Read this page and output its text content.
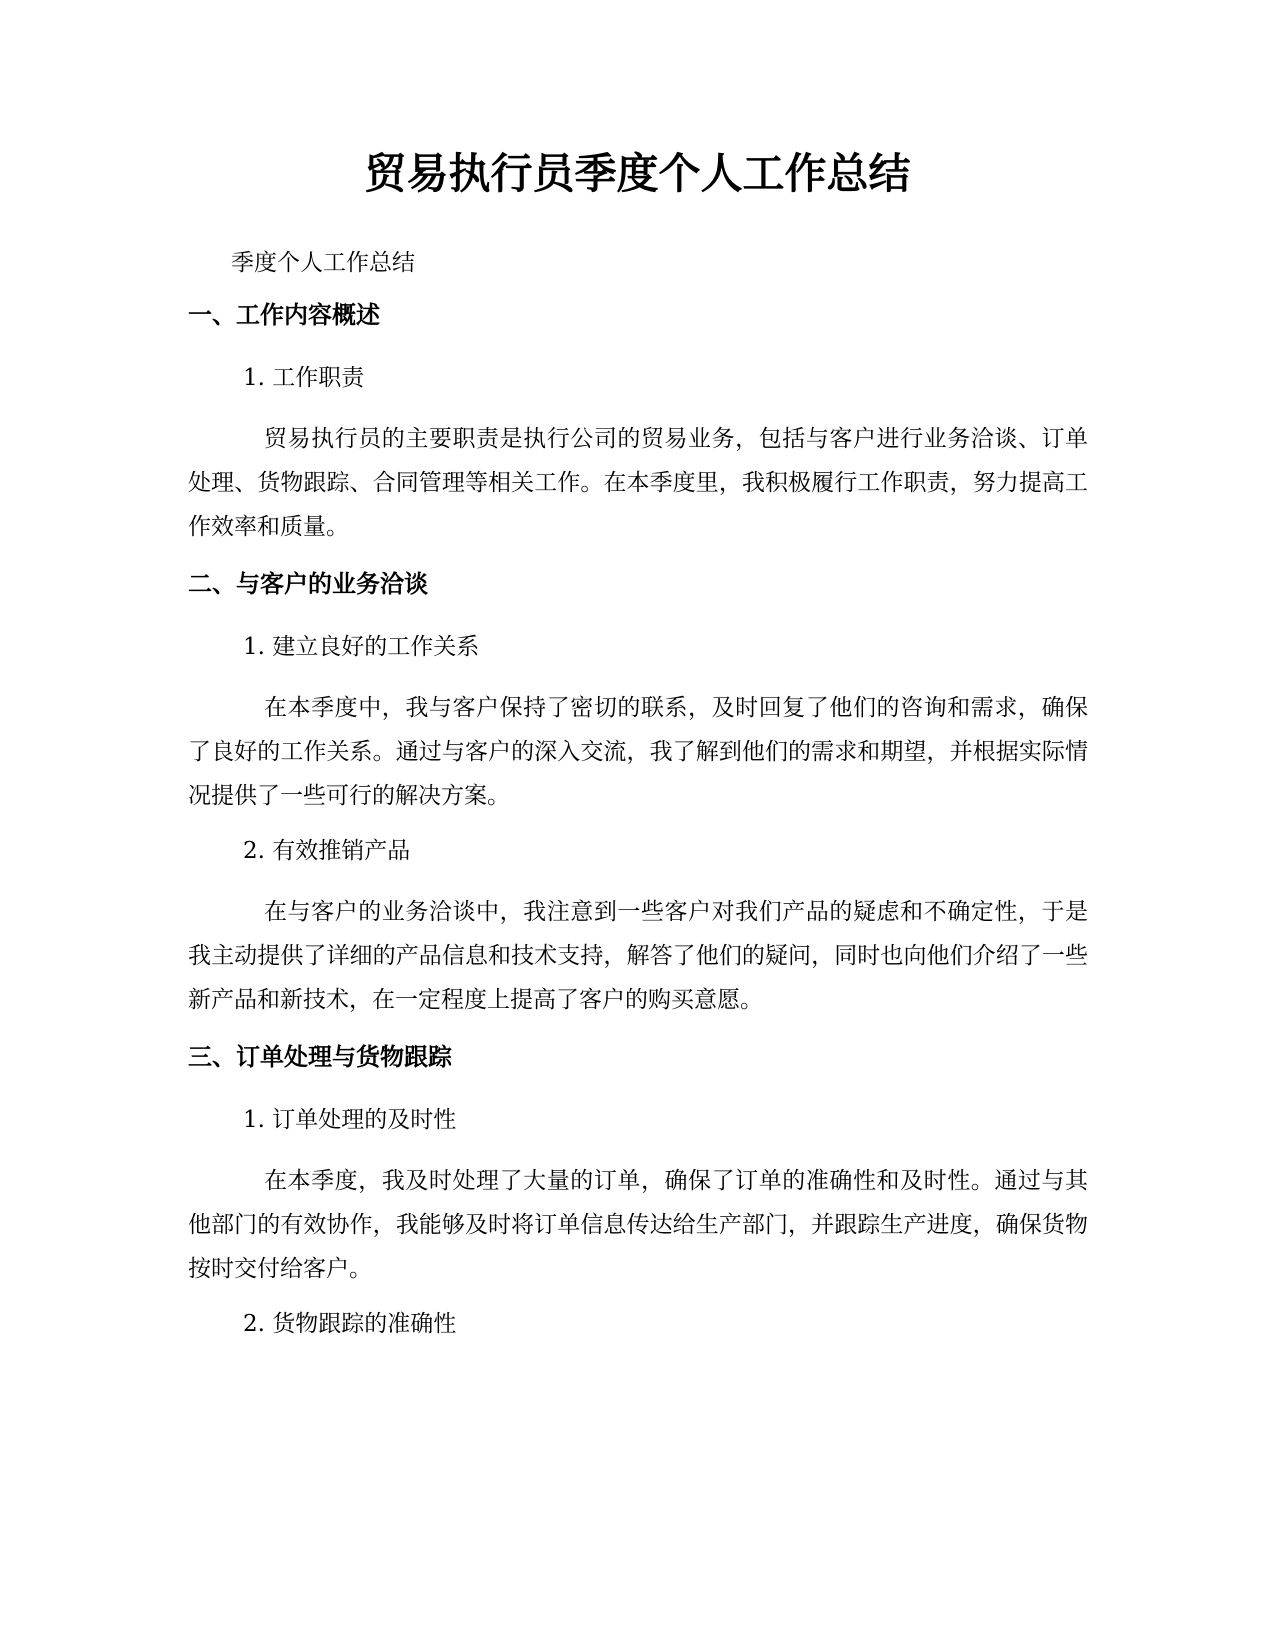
贸易执行员季度个人工作总结

季度个人工作总结

一、工作内容概述

1. 工作职责

贸易执行员的主要职责是执行公司的贸易业务，包括与客户进行业务洽谈、订单处理、货物跟踪、合同管理等相关工作。在本季度里，我积极履行工作职责，努力提高工作效率和质量。

二、与客户的业务洽谈

1. 建立良好的工作关系

在本季度中，我与客户保持了密切的联系，及时回复了他们的咨询和需求，确保了良好的工作关系。通过与客户的深入交流，我了解到他们的需求和期望，并根据实际情况提供了一些可行的解决方案。

2. 有效推销产品

在与客户的业务洽谈中，我注意到一些客户对我们产品的疑虑和不确定性，于是我主动提供了详细的产品信息和技术支持，解答了他们的疑问，同时也向他们介绍了一些新产品和新技术，在一定程度上提高了客户的购买意愿。

三、订单处理与货物跟踪

1. 订单处理的及时性

在本季度，我及时处理了大量的订单，确保了订单的准确性和及时性。通过与其他部门的有效协作，我能够及时将订单信息传达给生产部门，并跟踪生产进度，确保货物按时交付给客户。

2. 货物跟踪的准确性
